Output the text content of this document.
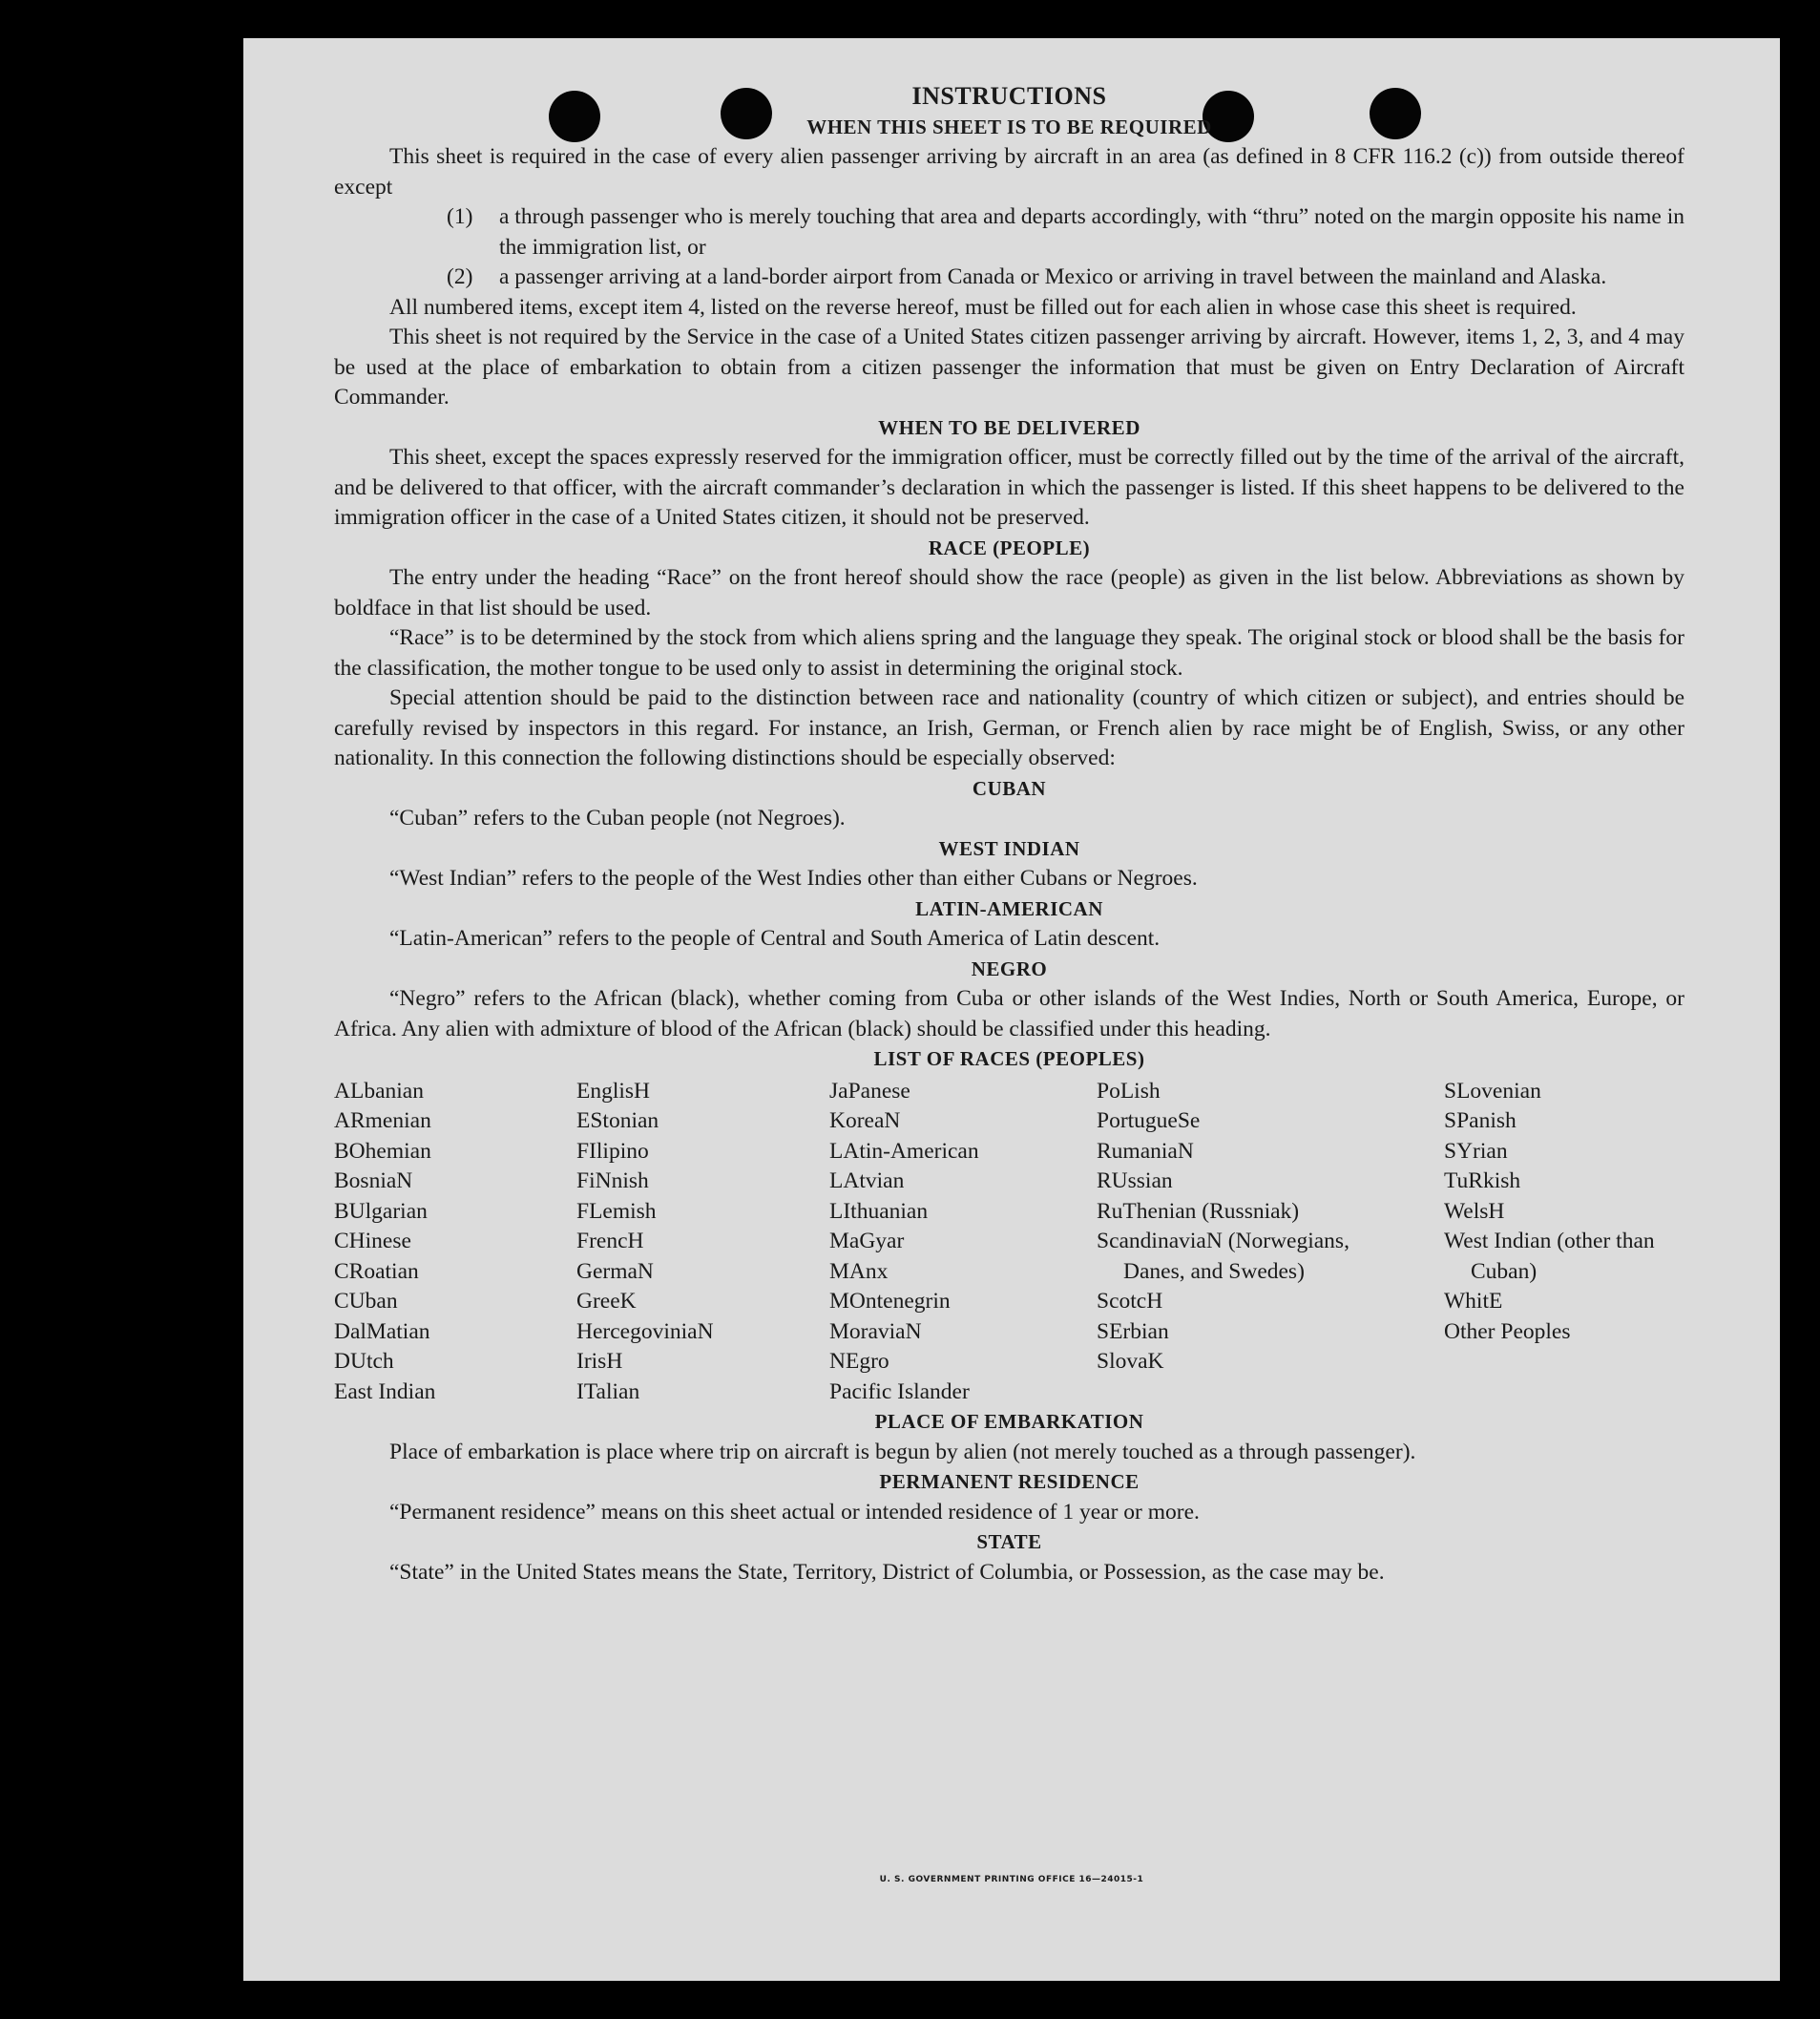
INSTRUCTIONS

WHEN THIS SHEET IS TO BE REQUIRED

This sheet is required in the case of every alien passenger arriving by aircraft in an area (as defined in 8 CFR 116.2 (c)) from outside thereof except

(1)	a through passenger who is merely touching that area and departs accordingly, with “thru” noted on the margin opposite his name in the immigration list, or
(2)	a passenger arriving at a land-border airport from Canada or Mexico or arriving in travel between the mainland and Alaska.

All numbered items, except item 4, listed on the reverse hereof, must be filled out for each alien in whose case this sheet is required.

This sheet is not required by the Service in the case of a United States citizen passenger arriving by aircraft. However, items 1, 2, 3, and 4 may be used at the place of embarkation to obtain from a citizen passenger the information that must be given on Entry Declaration of Aircraft Commander.

WHEN TO BE DELIVERED

This sheet, except the spaces expressly reserved for the immigration officer, must be correctly filled out by the time of the arrival of the aircraft, and be delivered to that officer, with the aircraft commander’s declaration in which the passenger is listed. If this sheet happens to be delivered to the immigration officer in the case of a United States citizen, it should not be preserved.

RACE (PEOPLE)

The entry under the heading “Race” on the front hereof should show the race (people) as given in the list below. Abbreviations as shown by boldface in that list should be used.

“Race” is to be determined by the stock from which aliens spring and the language they speak. The original stock or blood shall be the basis for the classification, the mother tongue to be used only to assist in determining the original stock.

Special attention should be paid to the distinction between race and nationality (country of which citizen or subject), and entries should be carefully revised by inspectors in this regard. For instance, an Irish, German, or French alien by race might be of English, Swiss, or any other nationality. In this connection the following distinctions should be especially observed:

CUBAN

“Cuban” refers to the Cuban people (not Negroes).

WEST INDIAN

“West Indian” refers to the people of the West Indies other than either Cubans or Negroes.

LATIN-AMERICAN

“Latin-American” refers to the people of Central and South America of Latin descent.

NEGRO

“Negro” refers to the African (black), whether coming from Cuba or other islands of the West Indies, North or South America, Europe, or Africa. Any alien with admixture of blood of the African (black) should be classified under this heading.

LIST OF RACES (PEOPLES)

ALbanian
ARmenian
BOhemian
BosniaN
BUlgarian
CHinese
CRoatian
CUban
DalMatian
DUtch
East Indian
EnglisH
EStonian
FIlipino
FiNnish
FLemish
FrencH
GermaN
GreeK
HercegoviniaN
IrisH
ITalian
JaPanese
KoreaN
LAtin-American
LAtvian
LIthuanian
MaGyar
MAnx
MOntenegrin
MoraviaN
NEgro
Pacific Islander
PoLish
PortugueSe
RumaniaN
RUssian
RuThenian (Russniak)
ScandinaviaN (Norwegians, Danes, and Swedes)
ScotcH
SErbian
SlovaK
SLovenian
SPanish
SYrian
TuRkish
WelsH
West Indian (other than Cuban)
WhitE
Other Peoples

PLACE OF EMBARKATION

Place of embarkation is place where trip on aircraft is begun by alien (not merely touched as a through passenger).

PERMANENT RESIDENCE

“Permanent residence” means on this sheet actual or intended residence of 1 year or more.

STATE

“State” in the United States means the State, Territory, District of Columbia, or Possession, as the case may be.

U. S. GOVERNMENT PRINTING OFFICE 16—24015-1
